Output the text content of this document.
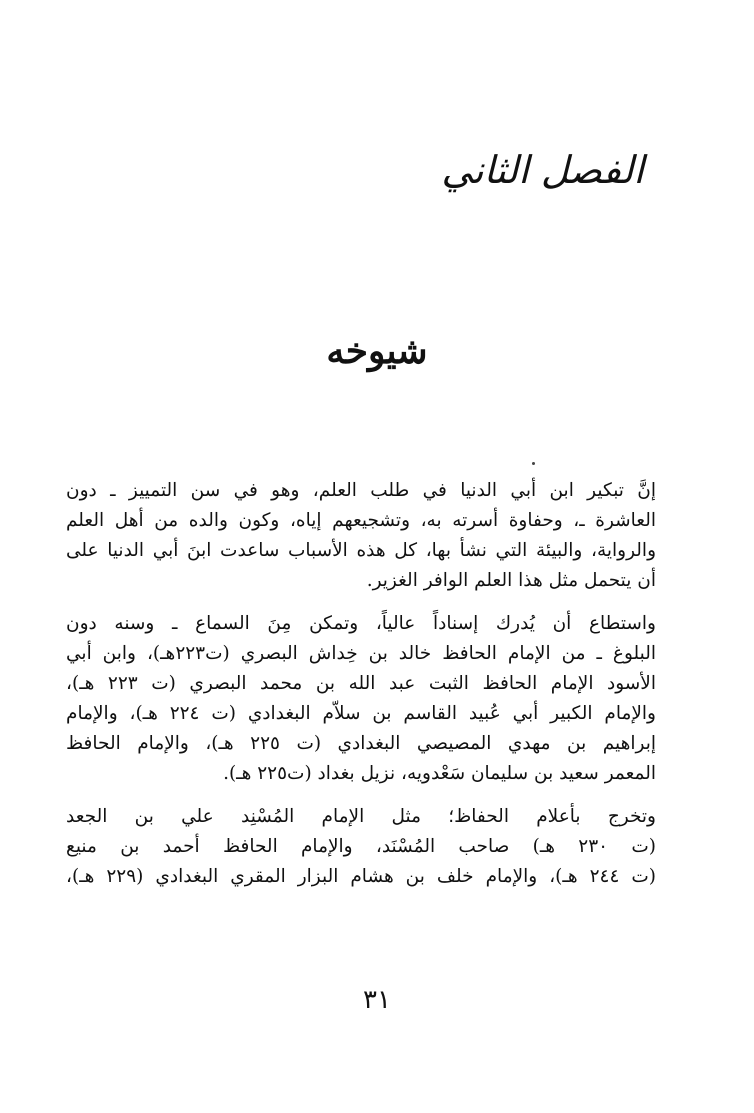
الفصل الثاني
شيوخه

إنَّ تبكير ابن أبي الدنيا في طلب العلم، وهو في سن التمييز ـ دون
العاشرة ـ، وحفاوة أسرته به، وتشجيعهم إياه، وكون والده من أهل العلم
والرواية، والبيئة التي نشأ بها، كل هذه الأسباب ساعدت ابنَ أبي الدنيا على
أن يتحمل مثل هذا العلم الوافر الغزير.

واستطاع أن يُدرك إسناداً عالياً، وتمكن مِنَ السماع ـ وسنه دون
البلوغ ـ من الإمام الحافظ خالد بن خِداش البصري (ت٢٢٣هـ)، وابن أبي
الأسود الإمام الحافظ الثبت عبد الله بن محمد البصري (ت ٢٢٣ هـ)،
والإمام الكبير أبي عُبيد القاسم بن سلاّم البغدادي (ت ٢٢٤ هـ)، والإمام
إبراهيم بن مهدي المصيصي البغدادي (ت ٢٢٥ هـ)، والإمام الحافظ
المعمر سعيد بن سليمان سَعْدويه، نزيل بغداد (ت٢٢٥ هـ).

وتخرج بأعلام الحفاظ؛ مثل الإمام المُسْنِد علي بن الجعد
(ت ٢٣٠ هـ) صاحب المُسْنَد، والإمام الحافظ أحمد بن منيع
(ت ٢٤٤ هـ)، والإمام خلف بن هشام البزار المقري البغدادي (٢٢٩ هـ)،

٣١
